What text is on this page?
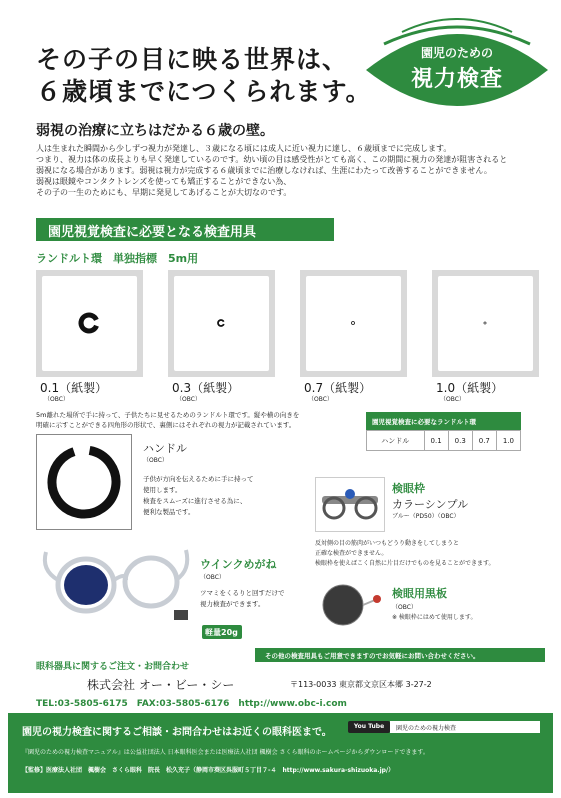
その子の目に映る世界は、
６歳頃までにつくられます。
園児のための
視力検査
弱視の治療に立ちはだかる６歳の壁。
人は生まれた瞬間から少しずつ視力が発達し、３歳になる頃には成人に近い視力に達し、６歳頃までに完成します。
つまり、視力は体の成長よりも早く発達しているのです。幼い頃の目は感受性がとても高く、この期間に視力の発達が阻害されると
弱視になる場合があります。弱視は視力が完成する６歳頃までに治療しなければ、生涯にわたって改善することができません。
弱視は眼鏡やコンタクトレンズを使っても矯正することができない為、
その子の一生のためにも、早期に発見してあげることが大切なのです。
園児視覚検査に必要となる検査用具
ランドルト環　単独指標　5m用
0.1（紙製）
（OBC）
0.3（紙製）
（OBC）
0.7（紙製）
（OBC）
1.0（紙製）
（OBC）
5m離れた場所で手に持って、子供たちに見せるためのランドルト環です。縦や横の向きを
明確に示すことができる四角形の形状で、裏側にはそれぞれの視力が記載されています。	園児視覚検査に必要なランドルト環
ハンドル	0.1	0.3	0.7	1.0
ハンドル
（OBC）
子供が方向を伝えるために手に持って
使用します。
検査をスムーズに進行させる為に、
便利な製品です。
検眼枠
カラーシンプル
ブルー（PD50）（OBC）
反対側の目の筋肉がいつもどうり動きをしてしまうと
正確な検査ができません。
検眼枠を使えばこく自然に片目だけでものを見ることができます。
ウインクめがね
（OBC）
ツマミをくるりと回すだけで
視力検査ができます。
軽量20g
検眼用黒板
（OBC）
※ 検眼枠にはめて使用します。
その他の検査用具もご用意できますのでお気軽にお問い合わせください。
眼科器具に関するご注文・お問合わせ
株式会社 オー・ビー・シー	〒113-0033 東京都文京区本郷 3-27-2
TEL:03-5805-6175　FAX:03-5805-6176　http://www.obc-i.com
園児の視力検査に関するご相談・お問合わせはお近くの眼科医まで。
You Tube	園児のための視力検査
『園児のための視力検査マニュアル』は公益社団法人 日本眼科医会または医療法人社団 楓樹会 さくら眼科のホームページからダウンロードできます。
【監修】医療法人社団　楓樹会　さくら眼科　院長　松久充子（静岡市葵区呉服町５丁目７-４　http://www.sakura-shizuoka.jp/）
